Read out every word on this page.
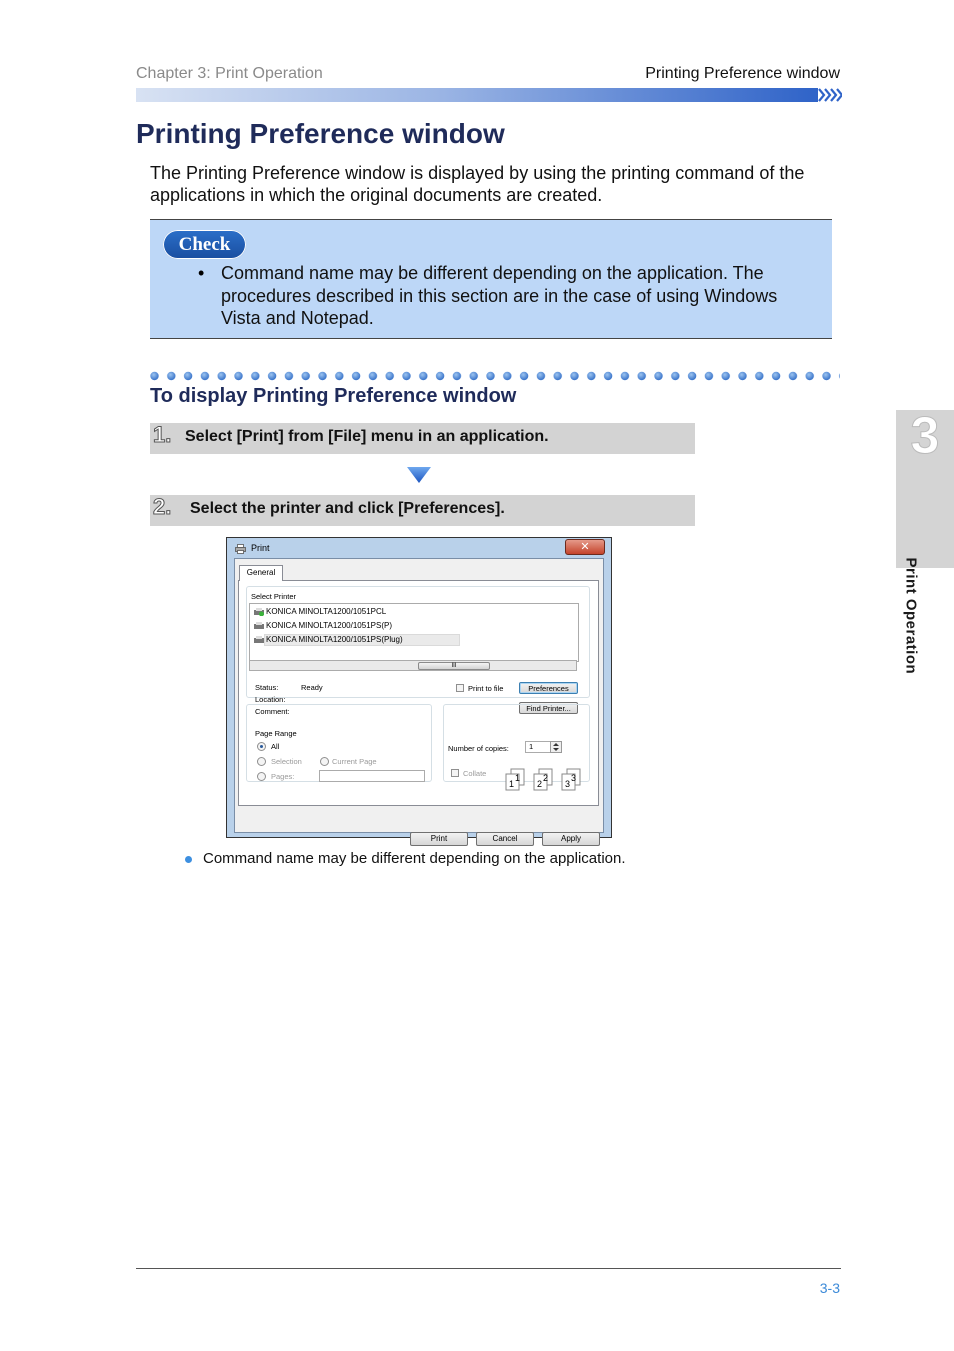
Chapter 3: Print Operation	Printing Preference window
Printing Preference window
The Printing Preference window is displayed by using the printing command of the applications in which the original documents are created.
Check
• Command name may be different depending on the application. The procedures described in this section are in the case of using Windows Vista and Notepad.
To display Printing Preference window
1. Select [Print] from [File] menu in an application.
2. Select the printer and click [Preferences].
Print	✕
General
Select Printer
KONICA MINOLTA1200/1051PCL
KONICA MINOLTA1200/1051PS(P)
KONICA MINOLTA1200/1051PS(Plug)
III
Status:	Ready
Location:
Comment:
Print to file	Preferences
Find Printer...
Page Range
All
Selection	Current Page
Pages:
Number of copies:	1
Collate	1
1
2
2
3
3
Print	Cancel	Apply
Command name may be different depending on the application.
3
Print Operation
3-3
